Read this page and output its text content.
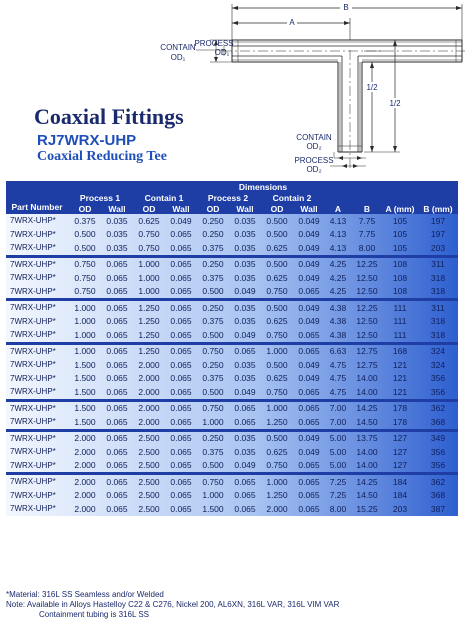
B
A
1/2
1/2
CONTAIN
OD₁
PROCESS
OD₁
CONTAIN
OD₂
PROCESS
OD₂
Coaxial Fittings
RJ7WRX-UHP
Coaxial Reducing Tee
Part Number	Dimensions											
	Process 1		Contain 1		Process 2		Contain 2					
	OD	Wall	OD	Wall	OD	Wall	OD	Wall	A	B	A (mm)	B (mm)
7WRX-UHP*	0.375	0.035	0.625	0.049	0.250	0.035	0.500	0.049	4.13	7.75	105	197
7WRX-UHP*	0.500	0.035	0.750	0.065	0.250	0.035	0.500	0.049	4.13	7.75	105	197
7WRX-UHP*	0.500	0.035	0.750	0.065	0.375	0.035	0.625	0.049	4.13	8.00	105	203
7WRX-UHP*	0.750	0.065	1.000	0.065	0.250	0.035	0.500	0.049	4.25	12.25	108	311
7WRX-UHP*	0.750	0.065	1.000	0.065	0.375	0.035	0.625	0.049	4.25	12.50	108	318
7WRX-UHP*	0.750	0.065	1.000	0.065	0.500	0.049	0.750	0.065	4.25	12.50	108	318
7WRX-UHP*	1.000	0.065	1.250	0.065	0.250	0.035	0.500	0.049	4.38	12.25	111	311
7WRX-UHP*	1.000	0.065	1.250	0.065	0.375	0.035	0.625	0.049	4.38	12.50	111	318
7WRX-UHP*	1.000	0.065	1.250	0.065	0.500	0.049	0.750	0.065	4.38	12.50	111	318
7WRX-UHP*	1.000	0.065	1.250	0.065	0.750	0.065	1.000	0.065	6.63	12.75	168	324
7WRX-UHP*	1.500	0.065	2.000	0.065	0.250	0.035	0.500	0.049	4.75	12.75	121	324
7WRX-UHP*	1.500	0.065	2.000	0.065	0.375	0.035	0.625	0.049	4.75	14.00	121	356
7WRX-UHP*	1.500	0.065	2.000	0.065	0.500	0.049	0.750	0.065	4.75	14.00	121	356
7WRX-UHP*	1.500	0.065	2.000	0.065	0.750	0.065	1.000	0.065	7.00	14.25	178	362
7WRX-UHP*	1.500	0.065	2.000	0.065	1.000	0.065	1.250	0.065	7.00	14.50	178	368
7WRX-UHP*	2.000	0.065	2.500	0.065	0.250	0.035	0.500	0.049	5.00	13.75	127	349
7WRX-UHP*	2.000	0.065	2.500	0.065	0.375	0.035	0.625	0.049	5.00	14.00	127	356
7WRX-UHP*	2.000	0.065	2.500	0.065	0.500	0.049	0.750	0.065	5.00	14.00	127	356
7WRX-UHP*	2.000	0.065	2.500	0.065	0.750	0.065	1.000	0.065	7.25	14.25	184	362
7WRX-UHP*	2.000	0.065	2.500	0.065	1.000	0.065	1.250	0.065	7.25	14.50	184	368
7WRX-UHP*	2.000	0.065	2.500	0.065	1.500	0.065	2.000	0.065	8.00	15.25	203	387
*Material: 316L SS Seamless and/or Welded
Note: Available in Alloys Hastelloy C22 & C276, Nickel 200, AL6XN, 316L VAR, 316L VIM VAR
Containment tubing is 316L SS
